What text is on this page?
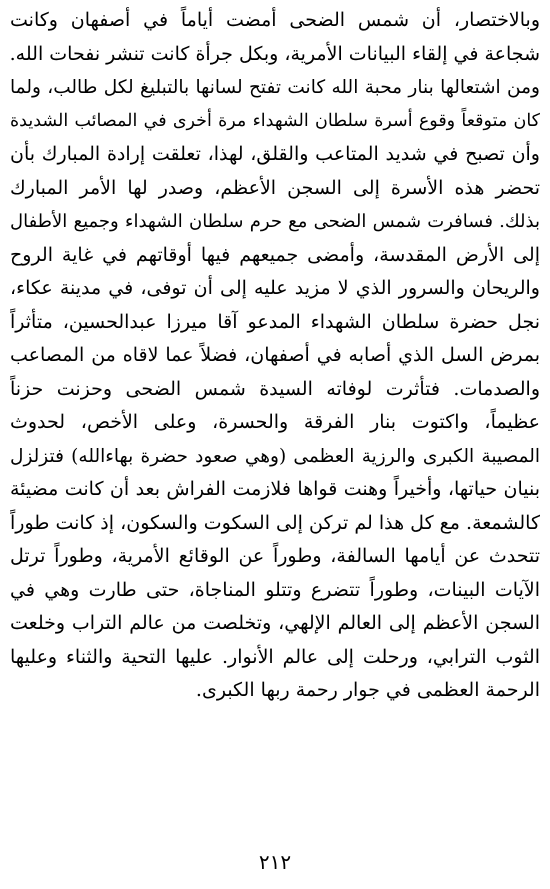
وبالاختصار، أن شمس الضحى أمضت أياماً في أصفهان وكانت
شجاعة في إلقاء البيانات الأمرية، وبكل جرأة كانت تنشر نفحات الله.
ومن اشتعالها بنار محبة الله كانت تفتح لسانها بالتبليغ لكل طالب، ولما
كان متوقعاً وقوع أسرة سلطان الشهداء مرة أخرى في المصائب الشديدة
وأن تصبح في شديد المتاعب والقلق، لهذا، تعلقت إرادة المبارك بأن
تحضر هذه الأسرة إلى السجن الأعظم، وصدر لها الأمر المبارك
بذلك. فسافرت شمس الضحى مع حرم سلطان الشهداء وجميع الأطفال
إلى الأرض المقدسة، وأمضى جميعهم فيها أوقاتهم في غاية الروح
والريحان والسرور الذي لا مزيد عليه إلى أن توفى، في مدينة عكاء،
نجل حضرة سلطان الشهداء المدعو آقا ميرزا عبدالحسين، متأثراً
بمرض السل الذي أصابه في أصفهان، فضلاً عما لاقاه من المصاعب
والصدمات. فتأثرت لوفاته السيدة شمس الضحى وحزنت حزناً
عظيماً، واكتوت بنار الفرقة والحسرة، وعلى الأخص، لحدوث
المصيبة الكبرى والرزية العظمى (وهي صعود حضرة بهاءالله) فتزلزل
بنيان حياتها، وأخيراً وهنت قواها فلازمت الفراش بعد أن كانت مضيئة
كالشمعة. مع كل هذا لم تركن إلى السكوت والسكون، إذ كانت طوراً
تتحدث عن أيامها السالفة، وطوراً عن الوقائع الأمرية، وطوراً ترتل
الآيات البينات، وطوراً تتضرع وتتلو المناجاة، حتى طارت وهي في
السجن الأعظم إلى العالم الإلهي، وتخلصت من عالم التراب وخلعت
الثوب الترابي، ورحلت إلى عالم الأنوار. عليها التحية والثناء وعليها
الرحمة العظمى في جوار رحمة ربها الكبرى.
٢١٢
